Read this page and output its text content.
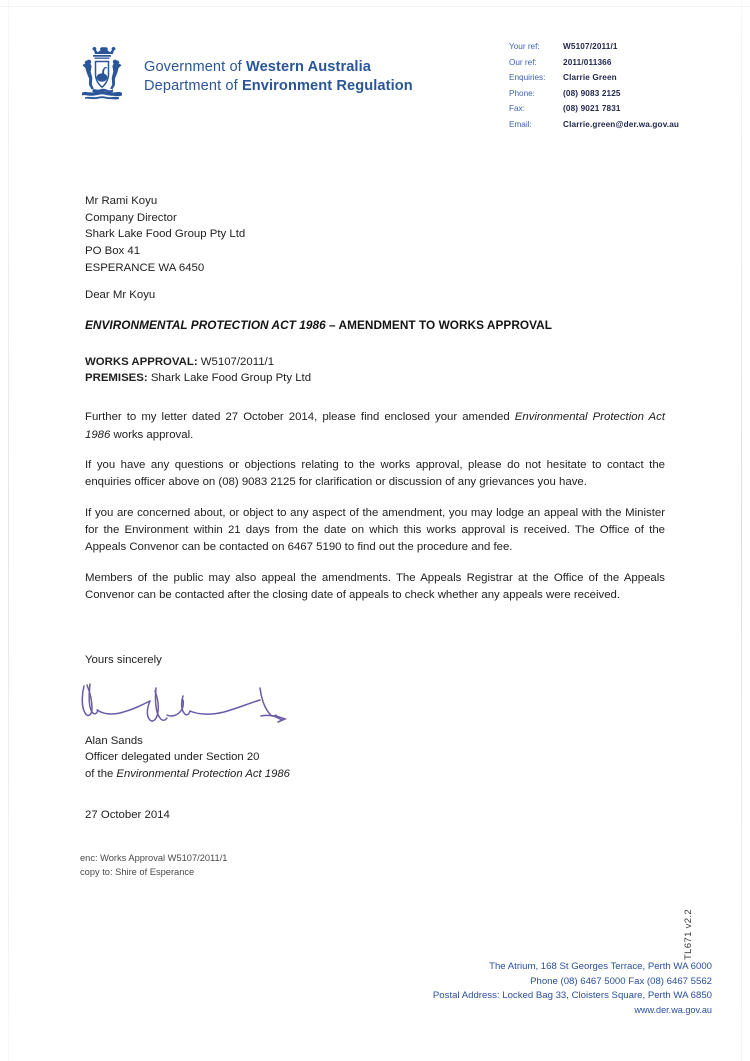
Government of Western Australia
Department of Environment Regulation
Your ref:	W5107/2011/1
Our ref:	2011/011366
Enquiries:	Clarrie Green
Phone:	(08) 9083 2125
Fax:	(08) 9021 7831
Email:	Clarrie.green@der.wa.gov.au
Mr Rami Koyu
Company Director
Shark Lake Food Group Pty Ltd
PO Box 41
ESPERANCE WA 6450
Dear Mr Koyu
ENVIRONMENTAL PROTECTION ACT 1986 – AMENDMENT TO WORKS APPROVAL
WORKS APPROVAL: W5107/2011/1
PREMISES: Shark Lake Food Group Pty Ltd

Further to my letter dated 27 October 2014, please find enclosed your amended Environmental Protection Act 1986 works approval.

If you have any questions or objections relating to the works approval, please do not hesitate to contact the enquiries officer above on (08) 9083 2125 for clarification or discussion of any grievances you have.

If you are concerned about, or object to any aspect of the amendment, you may lodge an appeal with the Minister for the Environment within 21 days from the date on which this works approval is received. The Office of the Appeals Convenor can be contacted on 6467 5190 to find out the procedure and fee.

Members of the public may also appeal the amendments. The Appeals Registrar at the Office of the Appeals Convenor can be contacted after the closing date of appeals to check whether any appeals were received.

Yours sincerely
Alan Sands
Officer delegated under Section 20
of the Environmental Protection Act 1986
27 October 2014
enc: Works Approval W5107/2011/1
copy to: Shire of Esperance
TL671 v2.2
The Atrium, 168 St Georges Terrace, Perth WA 6000
Phone (08) 6467 5000 Fax (08) 6467 5562
Postal Address: Locked Bag 33, Cloisters Square, Perth WA 6850
www.der.wa.gov.au
